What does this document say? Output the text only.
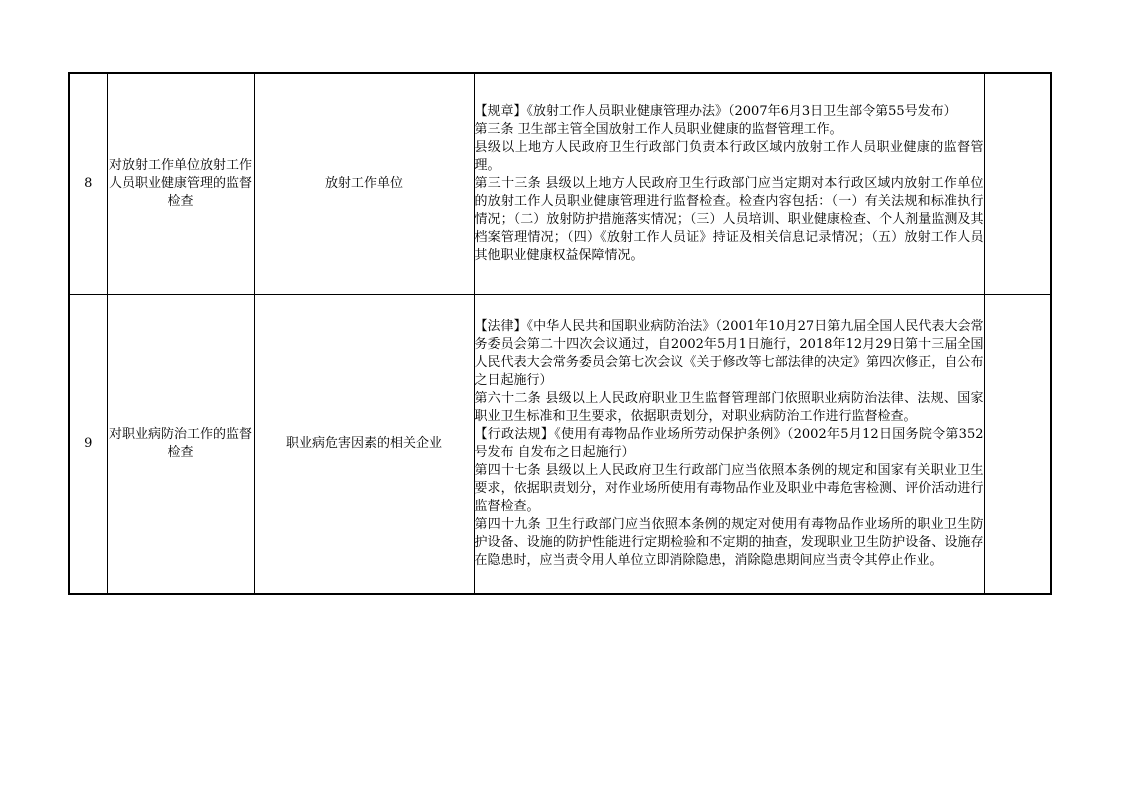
8	对放射工作单位放射工作人员职业健康管理的监督检查	放射工作单位	【规章】《放射工作人员职业健康管理办法》（2007年6月3日卫生部令第55号发布）

第三条 卫生部主管全国放射工作人员职业健康的监督管理工作。

县级以上地方人民政府卫生行政部门负责本行政区域内放射工作人员职业健康的监督管理。

第三十三条 县级以上地方人民政府卫生行政部门应当定期对本行政区域内放射工作单位的放射工作人员职业健康管理进行监督检查。检查内容包括：（一）有关法规和标准执行情况；（二）放射防护措施落实情况；（三）人员培训、职业健康检查、个人剂量监测及其档案管理情况；（四）《放射工作人员证》持证及相关信息记录情况；（五）放射工作人员其他职业健康权益保障情况。	

9	对职业病防治工作的监督检查	职业病危害因素的相关企业	【法律】《中华人民共和国职业病防治法》（2001年10月27日第九届全国人民代表大会常务委员会第二十四次会议通过，自2002年5月1日施行，2018年12月29日第十三届全国人民代表大会常务委员会第七次会议《关于修改等七部法律的决定》第四次修正，自公布之日起施行）

第六十二条 县级以上人民政府职业卫生监督管理部门依照职业病防治法律、法规、国家职业卫生标准和卫生要求，依据职责划分，对职业病防治工作进行监督检查。

【行政法规】《使用有毒物品作业场所劳动保护条例》（2002年5月12日国务院令第352号发布 自发布之日起施行）

第四十七条 县级以上人民政府卫生行政部门应当依照本条例的规定和国家有关职业卫生要求，依据职责划分，对作业场所使用有毒物品作业及职业中毒危害检测、评价活动进行监督检查。

第四十九条 卫生行政部门应当依照本条例的规定对使用有毒物品作业场所的职业卫生防护设备、设施的防护性能进行定期检验和不定期的抽查，发现职业卫生防护设备、设施存在隐患时，应当责令用人单位立即消除隐患，消除隐患期间应当责令其停止作业。	
